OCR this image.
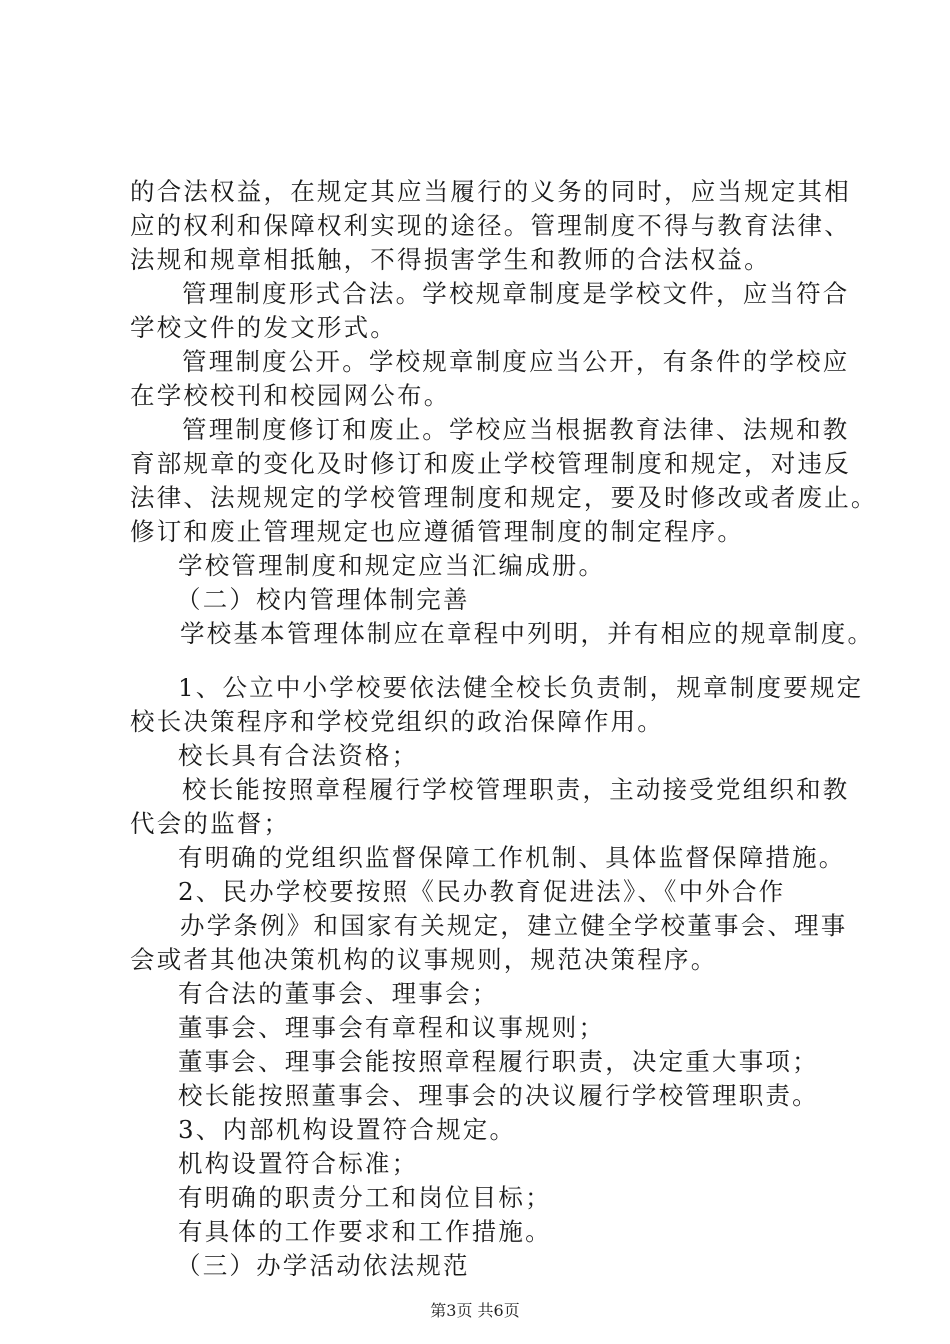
的合法权益，在规定其应当履行的义务的同时，应当规定其相
应的权利和保障权利实现的途径。管理制度不得与教育法律、
法规和规章相抵触，不得损害学生和教师的合法权益。
管理制度形式合法。学校规章制度是学校文件，应当符合
学校文件的发文形式。
管理制度公开。学校规章制度应当公开，有条件的学校应
在学校校刊和校园网公布。
管理制度修订和废止。学校应当根据教育法律、法规和教
育部规章的变化及时修订和废止学校管理制度和规定，对违反
法律、法规规定的学校管理制度和规定，要及时修改或者废止。
修订和废止管理规定也应遵循管理制度的制定程序。
学校管理制度和规定应当汇编成册。
（二）校内管理体制完善
学校基本管理体制应在章程中列明，并有相应的规章制度。
1、公立中小学校要依法健全校长负责制，规章制度要规定
校长决策程序和学校党组织的政治保障作用。
校长具有合法资格；
校长能按照章程履行学校管理职责，主动接受党组织和教
代会的监督；
有明确的党组织监督保障工作机制、具体监督保障措施。
2、民办学校要按照《民办教育促进法》、《中外合作
办学条例》和国家有关规定，建立健全学校董事会、理事
会或者其他决策机构的议事规则，规范决策程序。
有合法的董事会、理事会；
董事会、理事会有章程和议事规则；
董事会、理事会能按照章程履行职责，决定重大事项；
校长能按照董事会、理事会的决议履行学校管理职责。
3、内部机构设置符合规定。
机构设置符合标准；
有明确的职责分工和岗位目标；
有具体的工作要求和工作措施。
（三）办学活动依法规范
第3页 共6页
